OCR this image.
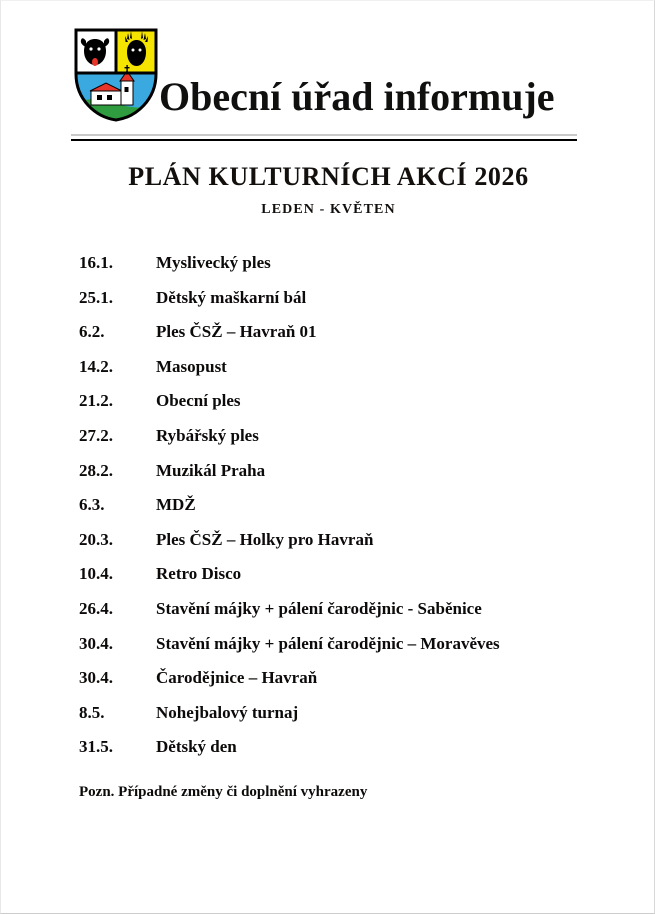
Obecní úřad informuje
PLÁN KULTURNÍCH AKCÍ 2026
LEDEN - KVĚTEN
16.1.	Myslivecký ples
25.1.	Dětský maškarní bál
6.2.	Ples ČSŽ – Havraň 01
14.2.	Masopust
21.2.	Obecní ples
27.2.	Rybářský ples
28.2.	Muzikál Praha
6.3.	MDŽ
20.3.	Ples ČSŽ – Holky pro Havraň
10.4.	Retro Disco
26.4.	Stavění májky + pálení čarodějnic - Saběnice
30.4.	Stavění májky + pálení čarodějnic – Moravěves
30.4.	Čarodějnice – Havraň
8.5.	Nohejbalový turnaj
31.5.	Dětský den
Pozn. Případné změny či doplnění vyhrazeny
